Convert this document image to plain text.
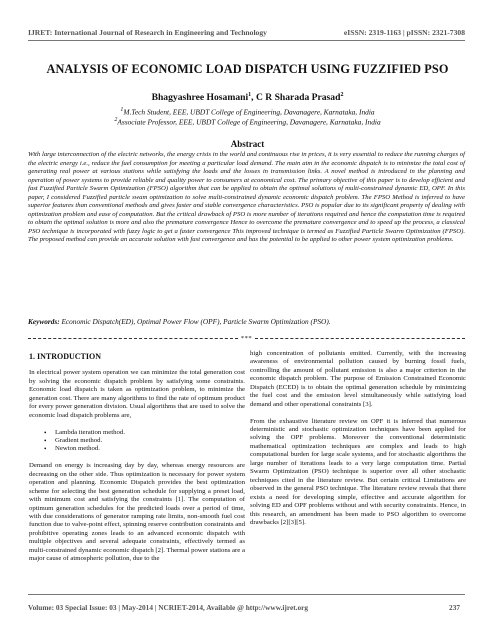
IJRET: International Journal of Research in Engineering and Technology	eISSN: 2319-1163 | pISSN: 2321-7308
ANALYSIS OF ECONOMIC LOAD DISPATCH USING FUZZIFIED PSO
Bhagyashree Hosamani$^1$, C R Sharada Prasad$^2$
$^1$M.Tech Student, EEE, UBDT College of Engineering, Davanagere, Karnataka, India
$^2$Associate Professor, EEE, UBDT College of Engineering, Davanagere, Karnataka, India
Abstract
With large interconnection of the electric networks, the energy crisis in the world and continuous rise in prices, it is very essential to reduce the running charges of the electric energy i.e., reduce the fuel consumption for meeting a particular load demand. The main aim in the economic dispatch is to minimize the total cost of generating real power at various stations while satisfying the loads and the losses in transmission links. A novel method is introduced in the planning and operation of power systems to provide reliable and quality power to consumers at economical cost. The primary objective of this paper is to develop efficient and fast Fuzzified Particle Swarm Optimization (FPSO) algorithm that can be applied to obtain the optimal solutions of multi-constrained dynamic ED, OPF. In this paper, I considered Fuzzified particle swam optimization to solve multi-constrained dynamic economic dispatch problem. The FPSO Method is inferred to have superior features than conventional methods and gives faster and stable convergence characteristics. PSO is popular due to its significant property of dealing with optimization problem and ease of computation. But the critical drawback of PSO is more number of iterations required and hence the computation time is required to obtain the optimal solution is more and also the premature convergence Hence to overcome the premature convergence and to speed up the process, a classical PSO technique is incorporated with fuzzy logic to get a faster convergence This improved technique is termed as Fuzzified Particle Swarm Optimization (FPSO). The proposed method can provide an accurate solution with fast convergence and has the potential to be applied to other power system optimization problems.
Keywords: Economic Dispatch(ED), Optimal Power Flow (OPF), Particle Swarm Optimization (PSO).
***
1. INTRODUCTION

In electrical power system operation we can minimize the total generation cost by solving the economic dispatch problem by satisfying some constraints. Economic load dispatch is taken as optimization problem, to minimize the generation cost. There are many algorithms to find the rate of optimum product for every power generation division. Usual algorithms that are used to solve the economic load dispatch problems are,

• Lambda iteration method.
• Gradient method.
• Newton method.

Demand on energy is increasing day by day, whereas energy resources are decreasing on the other side. Thus optimization is necessary for power system operation and planning. Economic Dispatch provides the best optimization scheme for selecting the best generation schedule for supplying a preset load, with minimum cost and satisfying the constraints [1]. The computation of optimum generation schedules for the predicted loads over a period of time, with due considerations of generator ramping rate limits, non-smooth fuel cost function due to valve-point effect, spinning reserve contribution constraints and prohibitive operating zones leads to an advanced economic dispatch with multiple objectives and several adequate constraints, effectively termed as multi-constrained dynamic economic dispatch [2]. Thermal power stations are a major cause of atmospheric pollution, due to the

high concentration of pollutants emitted. Currently, with the increasing awareness of environmental pollution caused by burning fossil fuels, controlling the amount of pollutant emission is also a major criterion in the economic dispatch problem. The purpose of Emission Constrained Economic Dispatch (ECED) is to obtain the optimal generation schedule by minimizing the fuel cost and the emission level simultaneously while satisfying load demand and other operational constraints [3].

From the exhaustive literature review on OPF it is inferred that numerous deterministic and stochastic optimization techniques have been applied for solving the OPF problems. Moreover the conventional deterministic mathematical optimization techniques are complex and leads to high computational burden for large scale systems, and for stochastic algorithms the large number of iterations leads to a very large computation time. Partial Swarm Optimization (PSO) technique is superior over all other stochastic techniques cited in the literature review. But certain critical Limitations are observed in the general PSO technique. The literature review reveals that there exists a need for developing simple, effective and accurate algorithm for solving ED and OPF problems without and with security constraints. Hence, in this research, an amendment has been made to PSO algorithm to overcome drawbacks [2][3][5].

Volume: 03 Special Issue: 03 | May-2014 | NCRIET-2014, Available @ http://www.ijret.org	237
